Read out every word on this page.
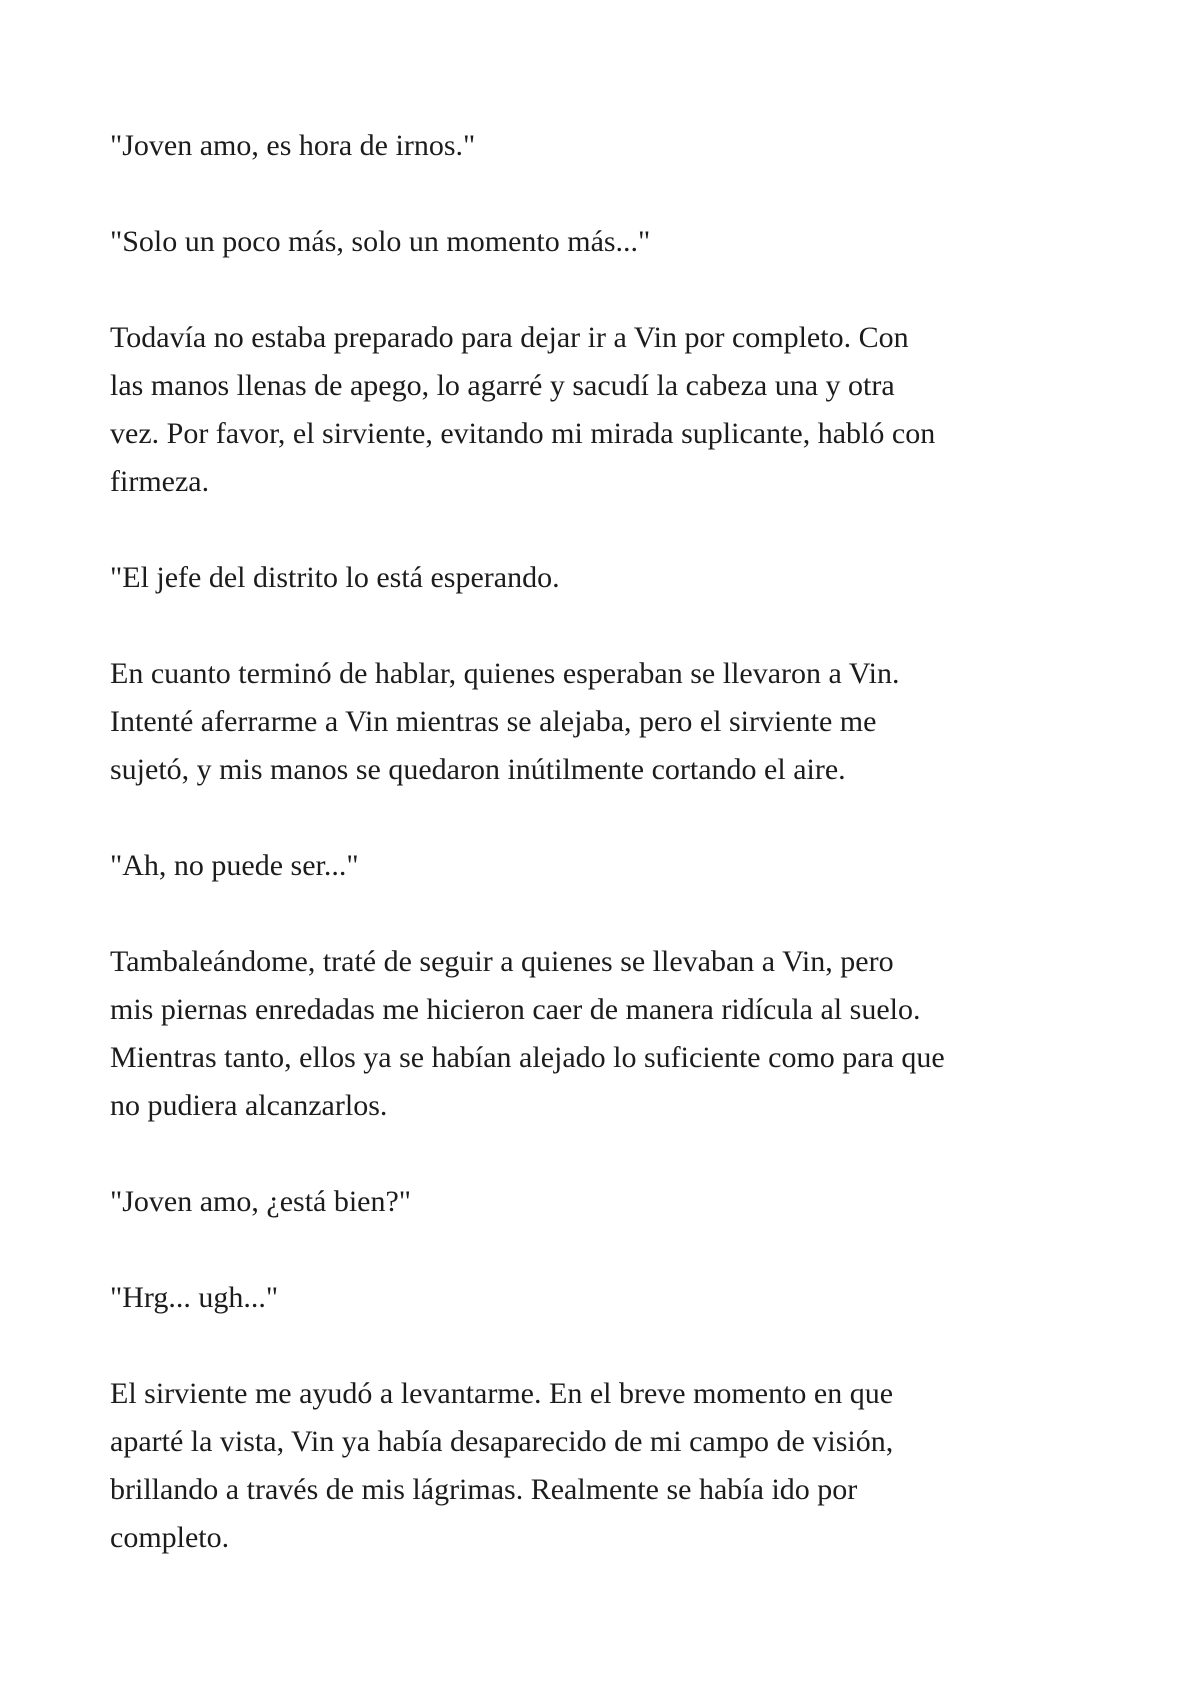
"Joven amo, es hora de irnos."

"Solo un poco más, solo un momento más..."

Todavía no estaba preparado para dejar ir a Vin por completo. Con
las manos llenas de apego, lo agarré y sacudí la cabeza una y otra
vez. Por favor, el sirviente, evitando mi mirada suplicante, habló con
firmeza.

"El jefe del distrito lo está esperando.

En cuanto terminó de hablar, quienes esperaban se llevaron a Vin.
Intenté aferrarme a Vin mientras se alejaba, pero el sirviente me
sujetó, y mis manos se quedaron inútilmente cortando el aire.

"Ah, no puede ser..."

Tambaleándome, traté de seguir a quienes se llevaban a Vin, pero
mis piernas enredadas me hicieron caer de manera ridícula al suelo.
Mientras tanto, ellos ya se habían alejado lo suficiente como para que
no pudiera alcanzarlos.

"Joven amo, ¿está bien?"

"Hrg... ugh..."

El sirviente me ayudó a levantarme. En el breve momento en que
aparté la vista, Vin ya había desaparecido de mi campo de visión,
brillando a través de mis lágrimas. Realmente se había ido por
completo.
